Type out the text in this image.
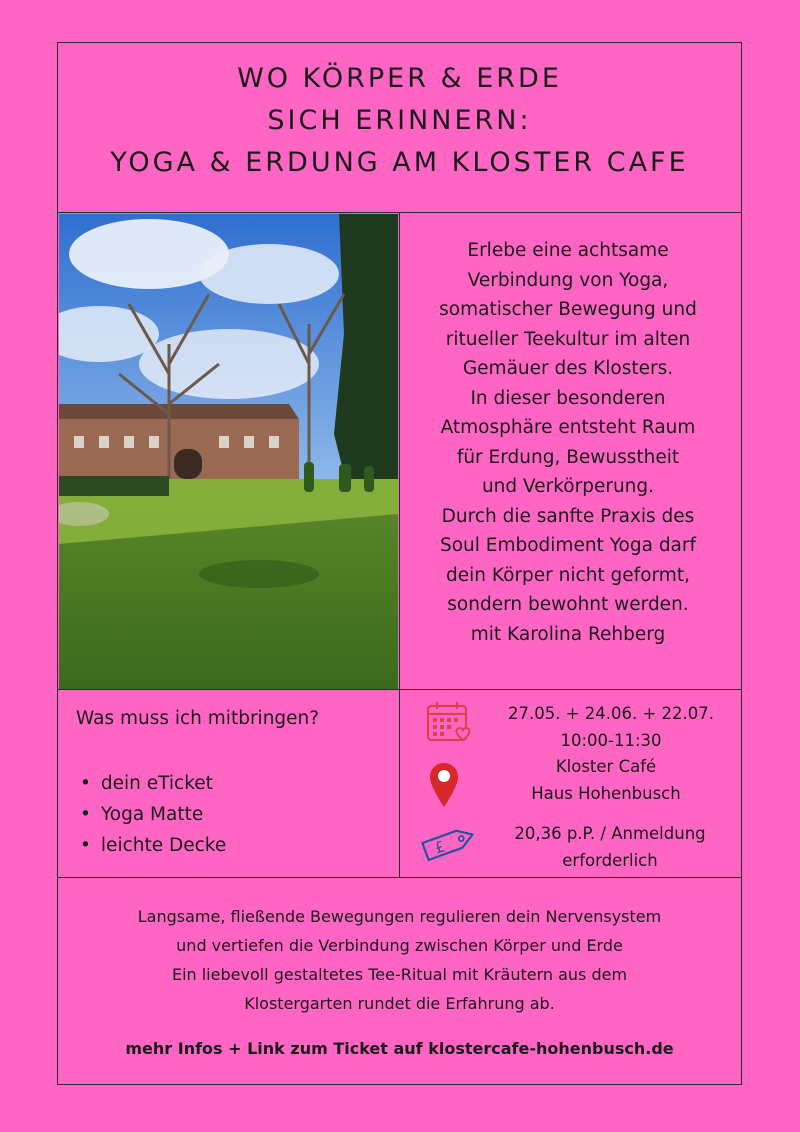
WO KÖRPER & ERDE
SICH ERINNERN:
YOGA & ERDUNG AM KLOSTER CAFE
Erlebe eine achtsame
Verbindung von Yoga,
somatischer Bewegung und
ritueller Teekultur im alten
Gemäuer des Klosters.
In dieser besonderen
Atmosphäre entsteht Raum
für Erdung, Bewusstheit
und Verkörperung.
Durch die sanfte Praxis des
Soul Embodiment Yoga darf
dein Körper nicht geformt,
sondern bewohnt werden.
mit Karolina Rehberg
Was muss ich mitbringen?
• dein eTicket
• Yoga Matte
• leichte Decke
27.05. + 24.06. + 22.07.
10:00-11:30
Kloster Café
Haus Hohenbusch
£
20,36 p.P. / Anmeldung
erforderlich
Langsame, fließende Bewegungen regulieren dein Nervensystem
und vertiefen die Verbindung zwischen Körper und Erde
Ein liebevoll gestaltetes Tee-Ritual mit Kräutern aus dem
Klostergarten rundet die Erfahrung ab.
mehr Infos + Link zum Ticket auf klostercafe-hohenbusch.de
